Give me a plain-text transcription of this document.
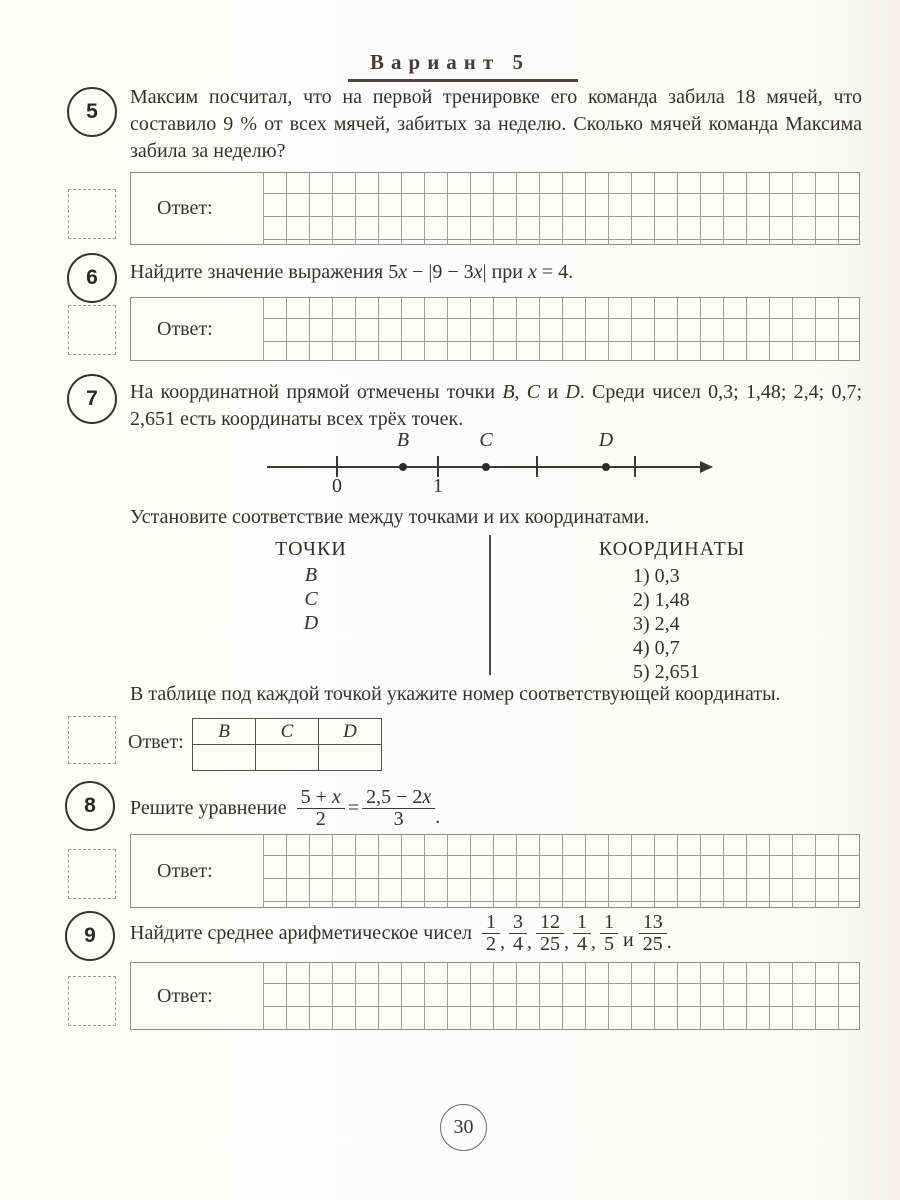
Вариант 5
5
Максим посчитал, что на первой тренировке его команда забила 18 мячей, что составило 9 % от всех мячей, забитых за неделю. Сколько мячей команда Максима забила за неделю?
Ответ:
6 Найдите значение выражения 5x − |9 − 3x| при x = 4.
Ответ:
7 На координатной прямой отмечены точки B, C и D. Среди чисел 0,3; 1,48; 2,4; 0,7; 2,651 есть координаты всех трёх точек.
B	C	D
0	1
Установите соответствие между точками и их координатами.
ТОЧКИ	КООРДИНАТЫ
B
C
D
1) 0,3
2) 1,48
3) 2,4
4) 0,7
5) 2,651
В таблице под каждой точкой укажите номер соответствующей координаты.
Ответ: B	C	D

8 Решите уравнение $\frac{5 + x}{2} = \frac{2,5 - 2x}{3}$ .
Ответ:
9 Найдите среднее арифметическое чисел $\frac{1}{2}$ , $\frac{3}{4}$ , $\frac{12}{25}$ , $\frac{1}{4}$ , $\frac{1}{5}$ и $\frac{13}{25}$ .
Ответ:
30
